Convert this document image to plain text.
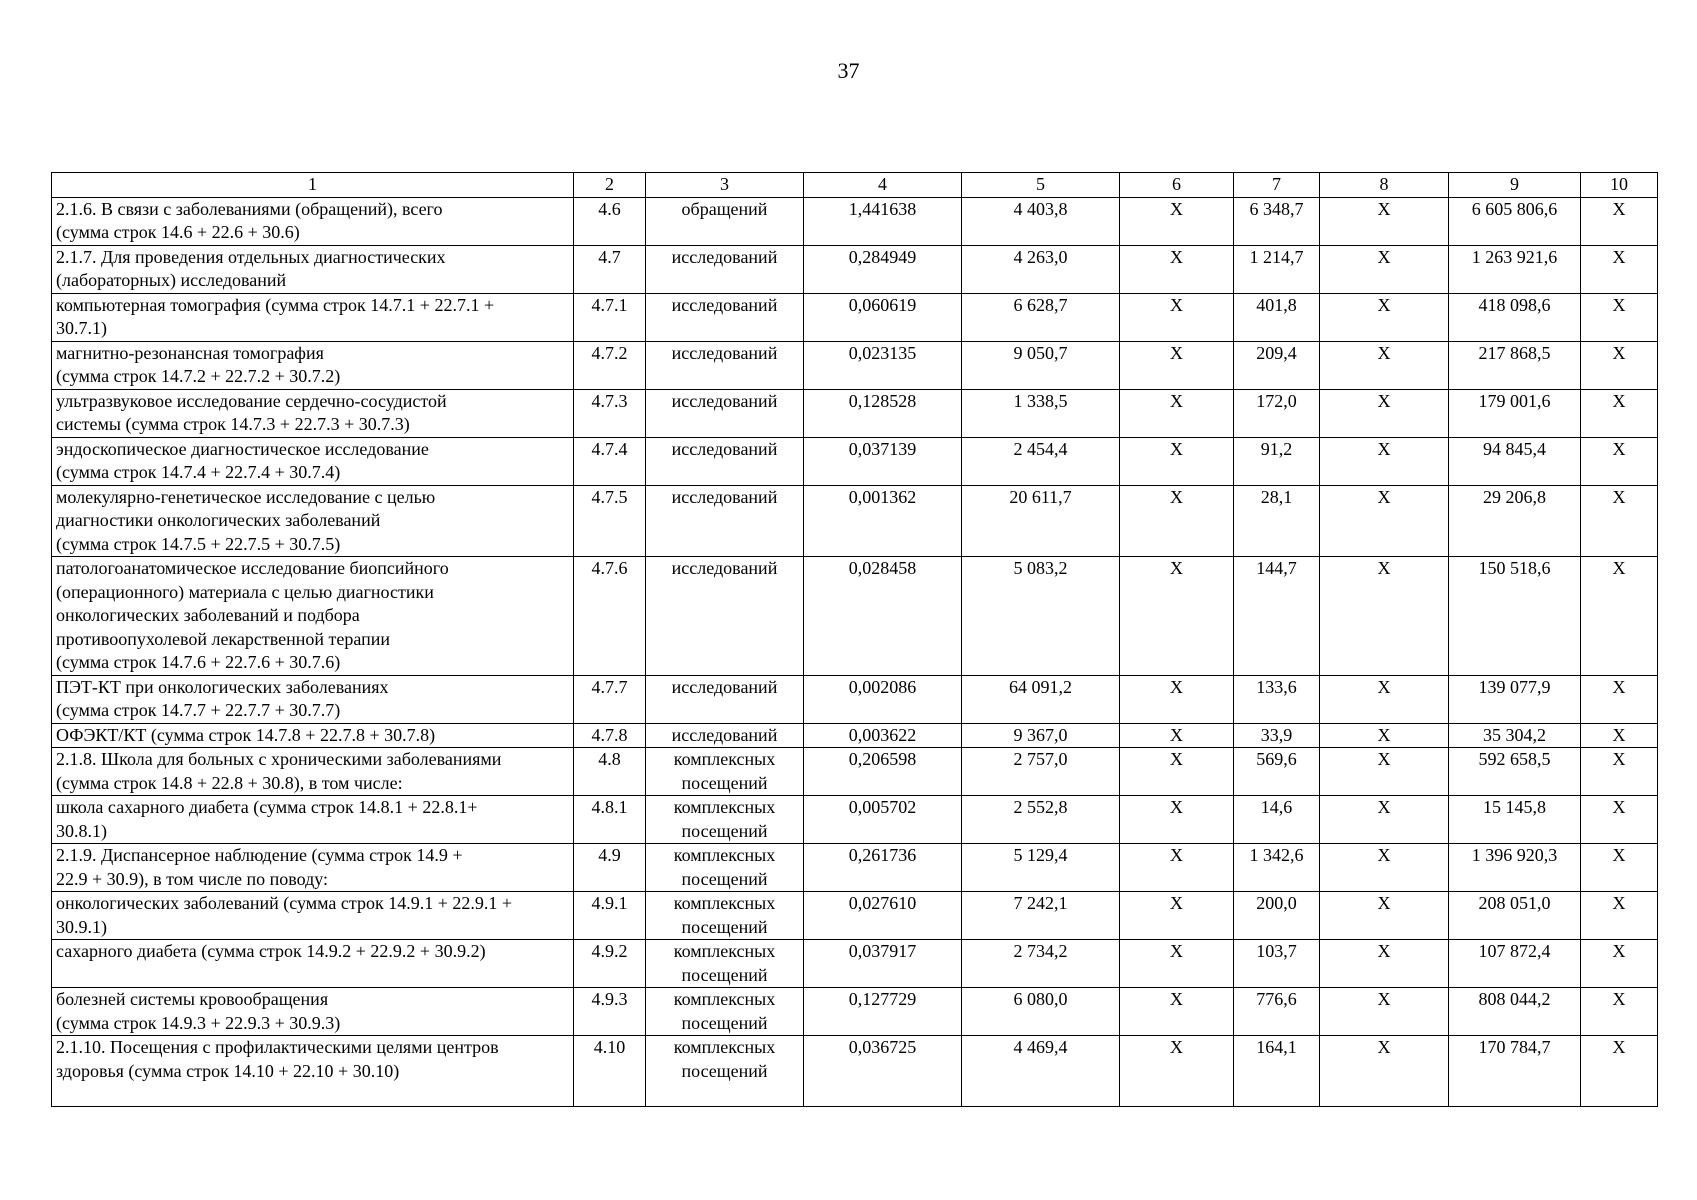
37
1	2	3	4	5	6	7	8	9	10
2.1.6. В связи с заболеваниями (обращений), всего
(сумма строк 14.6 + 22.6 + 30.6)	4.6	обращений	1,441638	4 403,8	X	6 348,7	X	6 605 806,6	X
2.1.7. Для проведения отдельных диагностических
(лабораторных) исследований	4.7	исследований	0,284949	4 263,0	X	1 214,7	X	1 263 921,6	X
компьютерная томография (сумма строк 14.7.1 + 22.7.1 +
30.7.1)	4.7.1	исследований	0,060619	6 628,7	X	401,8	X	418 098,6	X
магнитно-резонансная томография
(сумма строк 14.7.2 + 22.7.2 + 30.7.2)	4.7.2	исследований	0,023135	9 050,7	X	209,4	X	217 868,5	X
ультразвуковое исследование сердечно-сосудистой
системы (сумма строк 14.7.3 + 22.7.3 + 30.7.3)	4.7.3	исследований	0,128528	1 338,5	X	172,0	X	179 001,6	X
эндоскопическое диагностическое исследование
(сумма строк 14.7.4 + 22.7.4 + 30.7.4)	4.7.4	исследований	0,037139	2 454,4	X	91,2	X	94 845,4	X
молекулярно-генетическое исследование с целью
диагностики онкологических заболеваний
(сумма строк 14.7.5 + 22.7.5 + 30.7.5)	4.7.5	исследований	0,001362	20 611,7	X	28,1	X	29 206,8	X
патологоанатомическое исследование биопсийного
(операционного) материала с целью диагностики
онкологических заболеваний и подбора
противоопухолевой лекарственной терапии
(сумма строк 14.7.6 + 22.7.6 + 30.7.6)	4.7.6	исследований	0,028458	5 083,2	X	144,7	X	150 518,6	X
ПЭТ-КТ при онкологических заболеваниях
(сумма строк 14.7.7 + 22.7.7 + 30.7.7)	4.7.7	исследований	0,002086	64 091,2	X	133,6	X	139 077,9	X
ОФЭКТ/КТ (сумма строк 14.7.8 + 22.7.8 + 30.7.8)	4.7.8	исследований	0,003622	9 367,0	X	33,9	X	35 304,2	X
2.1.8. Школа для больных с хроническими заболеваниями
(сумма строк 14.8 + 22.8 + 30.8), в том числе:	4.8	комплексных
посещений	0,206598	2 757,0	X	569,6	X	592 658,5	X
школа сахарного диабета (сумма строк 14.8.1 + 22.8.1+
30.8.1)	4.8.1	комплексных
посещений	0,005702	2 552,8	X	14,6	X	15 145,8	X
2.1.9. Диспансерное наблюдение (сумма строк 14.9 +
22.9 + 30.9), в том числе по поводу:	4.9	комплексных
посещений	0,261736	5 129,4	X	1 342,6	X	1 396 920,3	X
онкологических заболеваний (сумма строк 14.9.1 + 22.9.1 +
30.9.1)	4.9.1	комплексных
посещений	0,027610	7 242,1	X	200,0	X	208 051,0	X
сахарного диабета (сумма строк 14.9.2 + 22.9.2 + 30.9.2)	4.9.2	комплексных
посещений	0,037917	2 734,2	X	103,7	X	107 872,4	X
болезней системы кровообращения
(сумма строк 14.9.3 + 22.9.3 + 30.9.3)	4.9.3	комплексных
посещений	0,127729	6 080,0	X	776,6	X	808 044,2	X
2.1.10. Посещения с профилактическими целями центров
здоровья (сумма строк 14.10 + 22.10 + 30.10)	4.10	комплексных
посещений	0,036725	4 469,4	X	164,1	X	170 784,7	X
